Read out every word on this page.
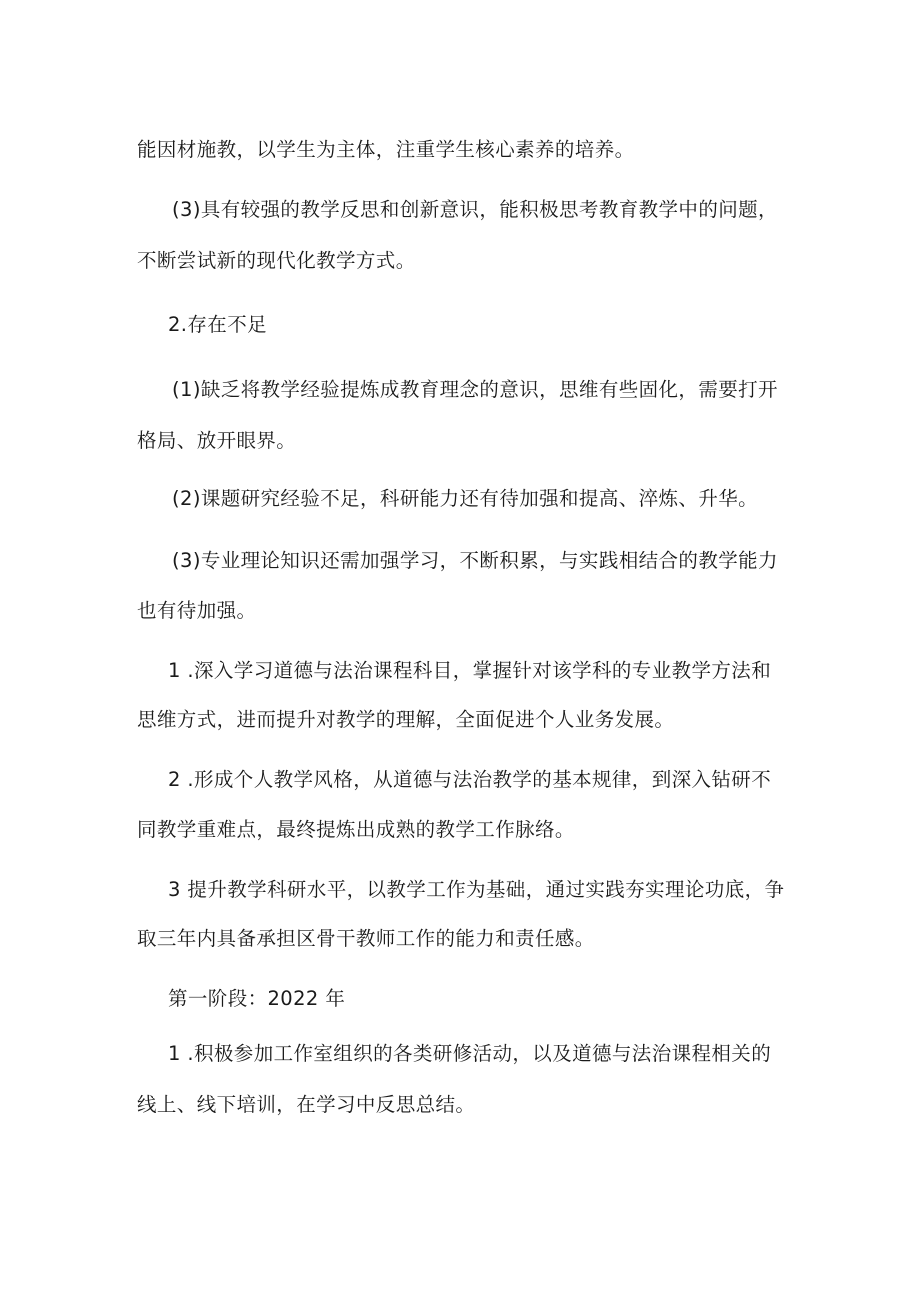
能因材施教，以学生为主体，注重学生核心素养的培养。
(3)具有较强的教学反思和创新意识，能积极思考教育教学中的问题，
不断尝试新的现代化教学方式。
2.存在不足
(1)缺乏将教学经验提炼成教育理念的意识，思维有些固化，需要打开
格局、放开眼界。
(2)课题研究经验不足，科研能力还有待加强和提高、淬炼、升华。
(3)专业理论知识还需加强学习，不断积累，与实践相结合的教学能力
也有待加强。
1 .深入学习道德与法治课程科目，掌握针对该学科的专业教学方法和
思维方式，进而提升对教学的理解，全面促进个人业务发展。
2 .形成个人教学风格，从道德与法治教学的基本规律，到深入钻研不
同教学重难点，最终提炼出成熟的教学工作脉络。
3 提升教学科研水平，以教学工作为基础，通过实践夯实理论功底，争
取三年内具备承担区骨干教师工作的能力和责任感。
第一阶段：2022 年
1 .积极参加工作室组织的各类研修活动，以及道德与法治课程相关的
线上、线下培训，在学习中反思总结。
